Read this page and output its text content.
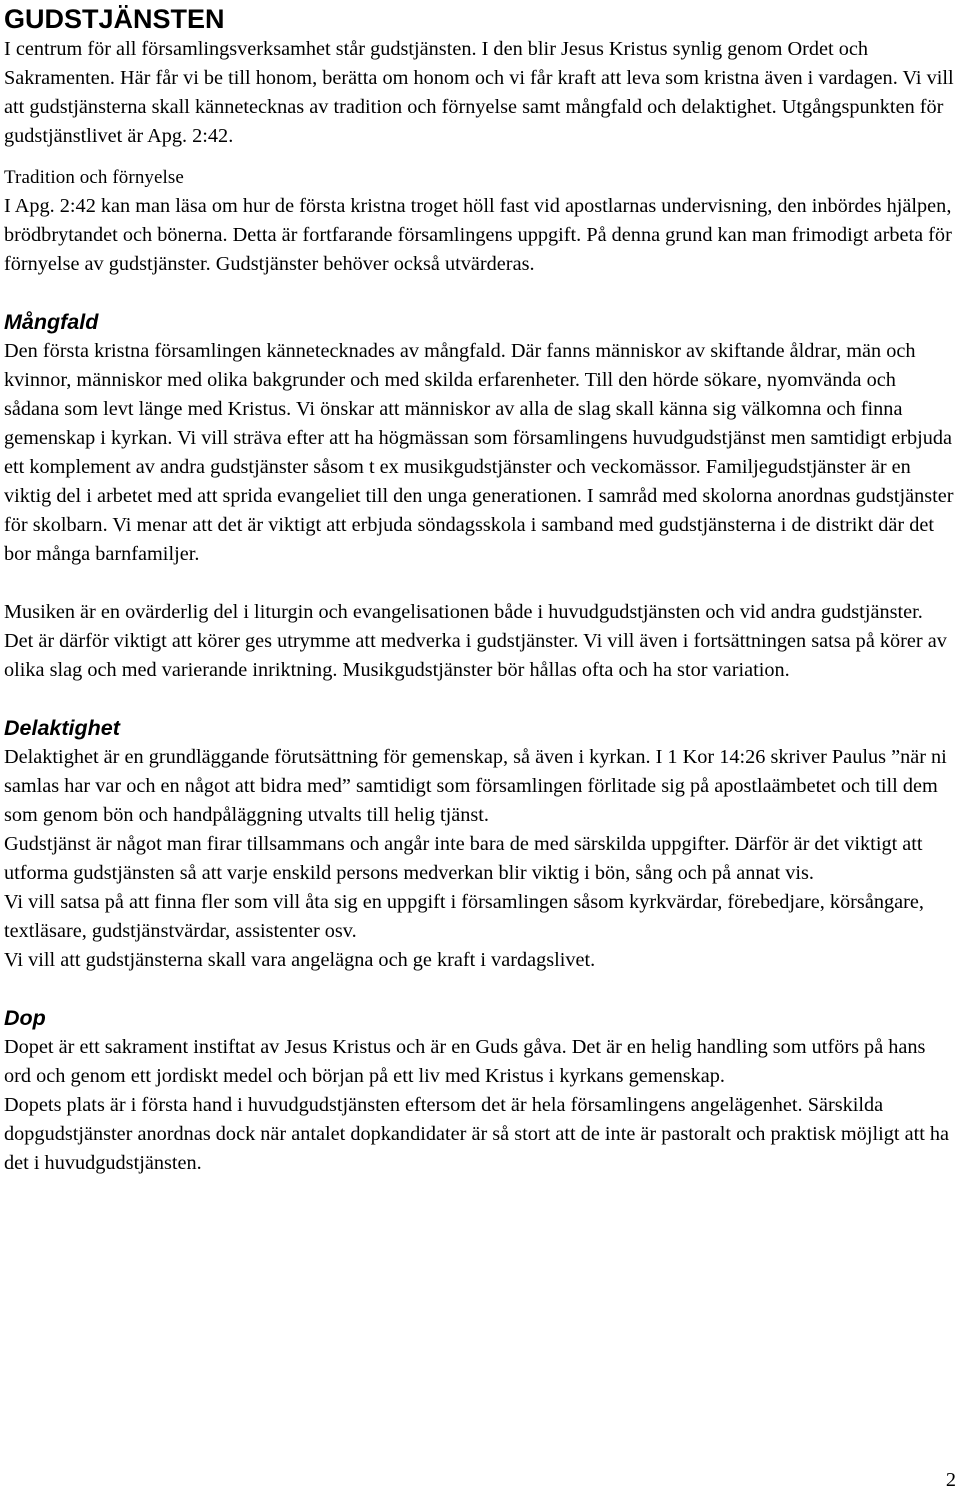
GUDSTJÄNSTEN

I centrum för all församlingsverksamhet står gudstjänsten. I den blir Jesus Kristus synlig genom Ordet och Sakramenten. Här får vi be till honom, berätta om honom och vi får kraft att leva som kristna även i vardagen. Vi vill att gudstjänsterna skall kännetecknas av tradition och förnyelse samt mångfald och delaktighet. Utgångspunkten för gudstjänstlivet är Apg. 2:42.

Tradition och förnyelse

I Apg. 2:42 kan man läsa om hur de första kristna troget höll fast vid apostlarnas undervisning, den inbördes hjälpen, brödbrytandet och bönerna. Detta är fortfarande församlingens uppgift. På denna grund kan man frimodigt arbeta för förnyelse av gudstjänster. Gudstjänster behöver också utvärderas.

Mångfald

Den första kristna församlingen kännetecknades av mångfald. Där fanns människor av skiftande åldrar, män och kvinnor, människor med olika bakgrunder och med skilda erfarenheter. Till den hörde sökare, nyomvända och sådana som levt länge med Kristus. Vi önskar att människor av alla de slag skall känna sig välkomna och finna gemenskap i kyrkan. Vi vill sträva efter att ha högmässan som församlingens huvudgudstjänst men samtidigt erbjuda ett komplement av andra gudstjänster såsom t ex musikgudstjänster och veckomässor. Familjegudstjänster är en viktig del i arbetet med att sprida evangeliet till den unga generationen. I samråd med skolorna anordnas gudstjänster för skolbarn. Vi menar att det är viktigt att erbjuda söndagsskola i samband med gudstjänsterna i de distrikt där det bor många barnfamiljer.

Musiken är en ovärderlig del i liturgin och evangelisationen både i huvudgudstjänsten och vid andra gudstjänster. Det är därför viktigt att körer ges utrymme att medverka i gudstjänster. Vi vill även i fortsättningen satsa på körer av olika slag och med varierande inriktning. Musikgudstjänster bör hållas ofta och ha stor variation.

Delaktighet

Delaktighet är en grundläggande förutsättning för gemenskap, så även i kyrkan. I 1 Kor 14:26 skriver Paulus ”när ni samlas har var och en något att bidra med” samtidigt som församlingen förlitade sig på apostlaämbetet och till dem som genom bön och handpåläggning utvalts till helig tjänst.

Gudstjänst är något man firar tillsammans och angår inte bara de med särskilda uppgifter. Därför är det viktigt att utforma gudstjänsten så att varje enskild persons medverkan blir viktig i bön, sång och på annat vis.

Vi vill satsa på att finna fler som vill åta sig en uppgift i församlingen såsom kyrkvärdar, förebedjare, körsångare, textläsare, gudstjänstvärdar, assistenter osv.

Vi vill att gudstjänsterna skall vara angelägna och ge kraft i vardagslivet.

Dop

Dopet är ett sakrament instiftat av Jesus Kristus och är en Guds gåva. Det är en helig handling som utförs på hans ord och genom ett jordiskt medel och början på ett liv med Kristus i kyrkans gemenskap.

Dopets plats är i första hand i huvudgudstjänsten eftersom det är hela församlingens angelägenhet. Särskilda dopgudstjänster anordnas dock när antalet dopkandidater är så stort att de inte är pastoralt och praktisk möjligt att ha det i huvudgudstjänsten.

2
